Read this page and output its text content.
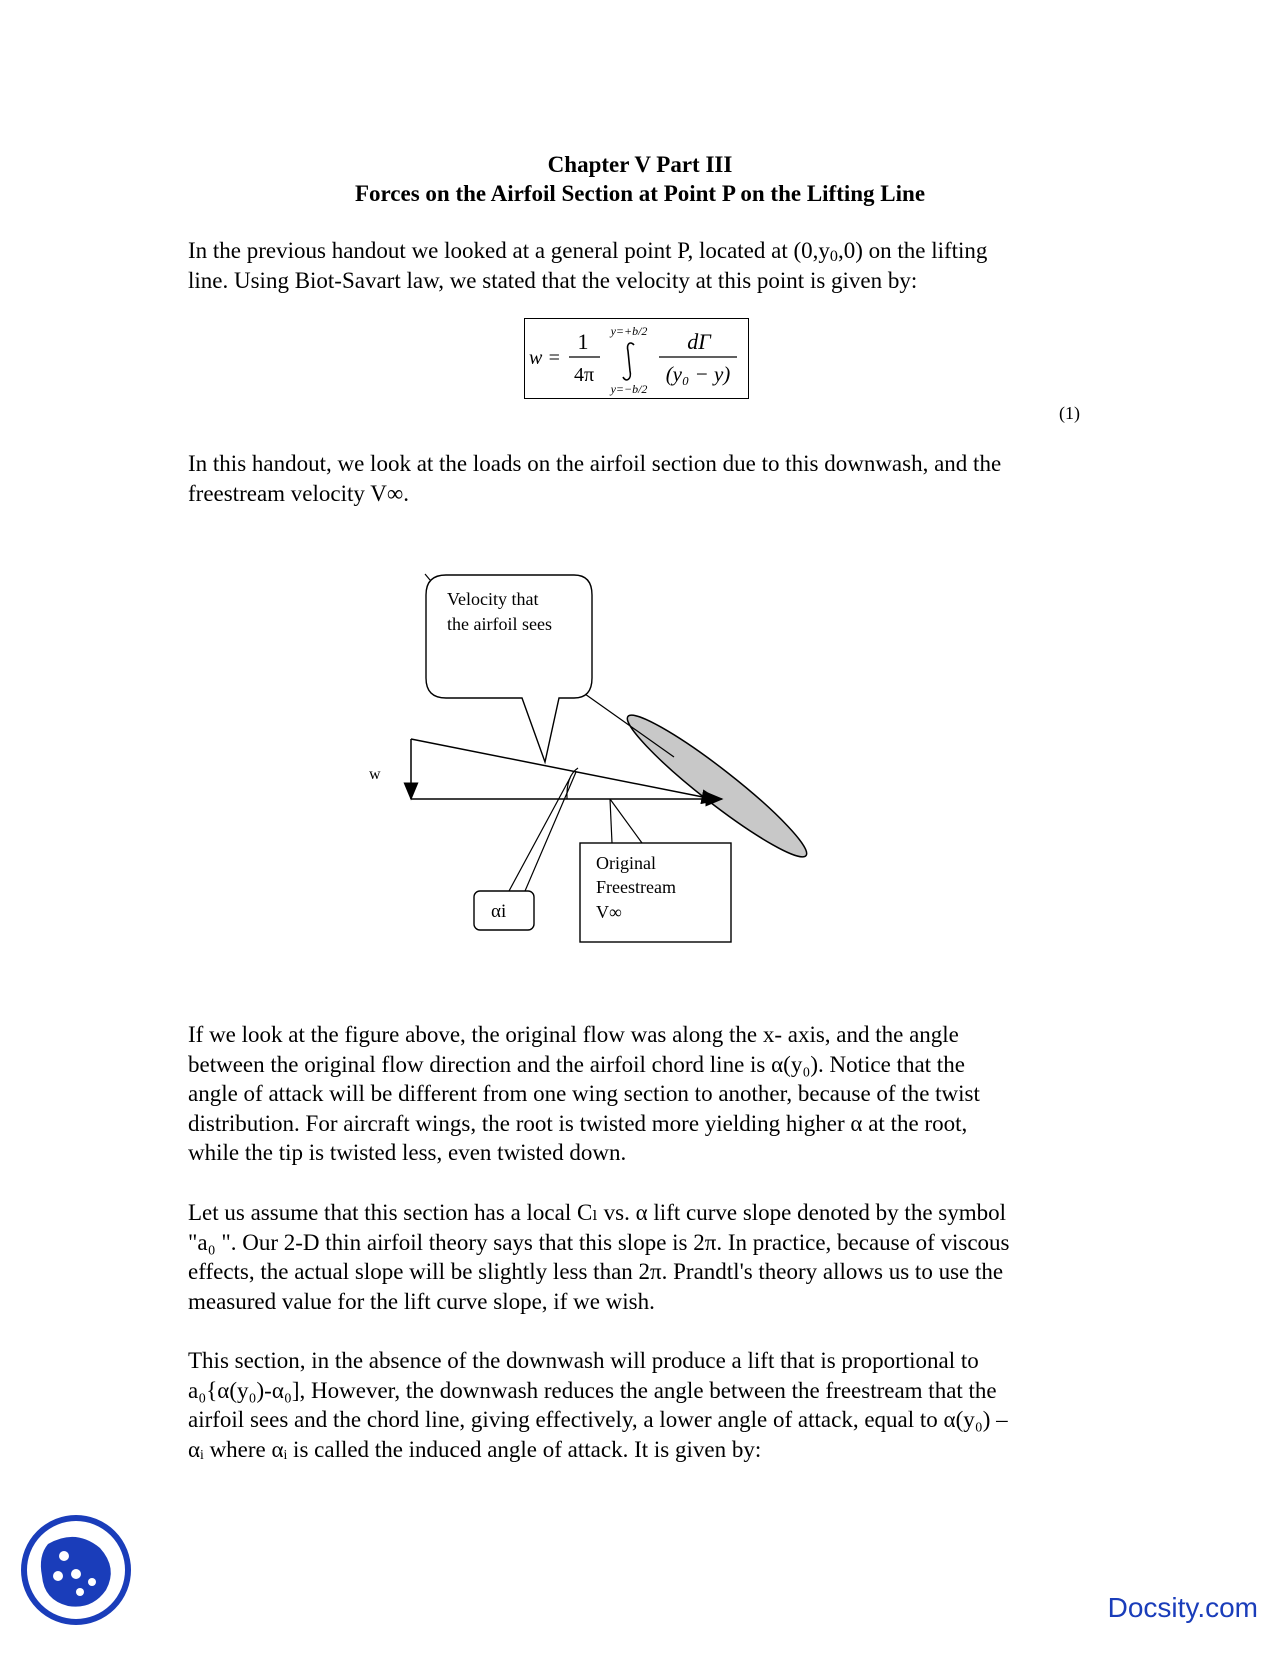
Chapter V Part III
Forces on the Airfoil Section at Point P on the Lifting Line
In the previous handout we looked at a general point P, located at $(0,y_0,0)$ on the lifting
line. Using Biot-Savart law, we stated that the velocity at this point is given by:
w =
1
4π
y=+b/2
y=−b/2
dΓ
(y₀ − y)
(1)
In this handout, we look at the loads on the airfoil section due to this downwash, and the
freestream velocity V∞.
Velocity that
the airfoil sees
w
αi
Original
Freestream
V∞
If we look at the figure above, the original flow was along the x- axis, and the angle
between the original flow direction and the airfoil chord line is α(y₀). Notice that the
angle of attack will be different from one wing section to another, because of the twist
distribution. For aircraft wings, the root is twisted more yielding higher α at the root,
while the tip is twisted less, even twisted down.
Let us assume that this section has a local Cₗ vs. α lift curve slope denoted by the symbol
"a₀ ". Our 2-D thin airfoil theory says that this slope is 2π. In practice, because of viscous
effects, the actual slope will be slightly less than 2π. Prandtl's theory allows us to use the
measured value for the lift curve slope, if we wish.
This section, in the absence of the downwash will produce a lift that is proportional to
a₀{α(y₀)-α₀], However, the downwash reduces the angle between the freestream that the
airfoil sees and the chord line, giving effectively, a lower angle of attack, equal to α(y₀) –
αᵢ where αᵢ is called the induced angle of attack. It is given by:
Docsity.com
